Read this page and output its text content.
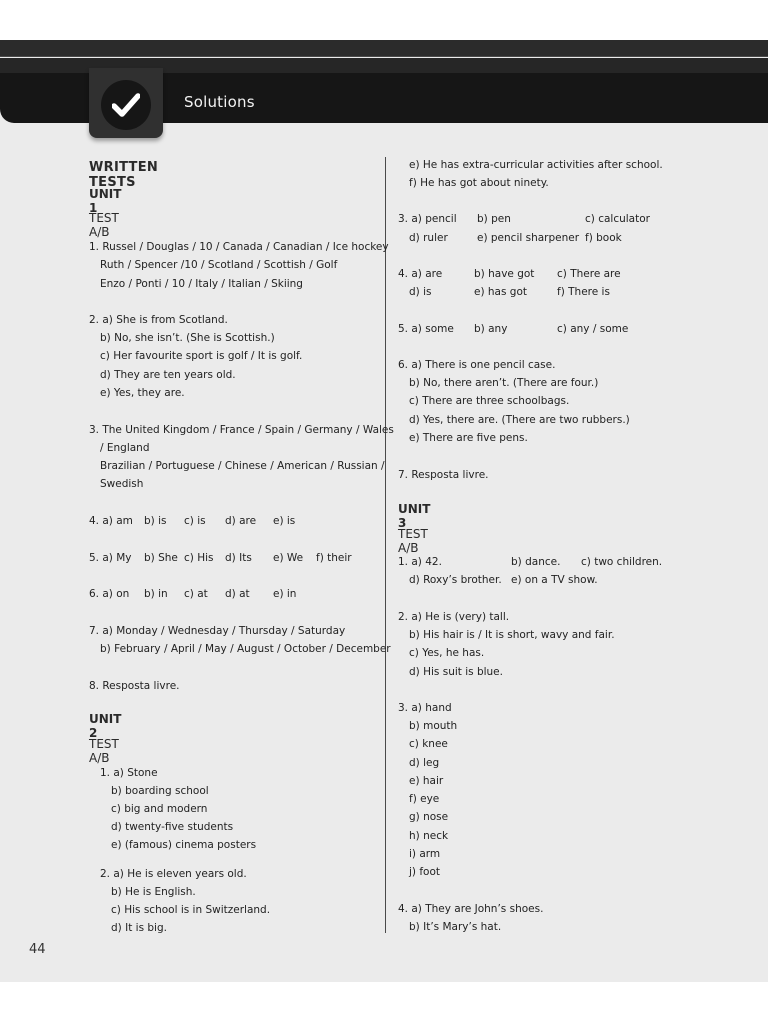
Solutions
WRITTEN TESTS
UNIT 1
TEST A/B
1. Russel / Douglas / 10 / Canada / Canadian / Ice hockey
Ruth / Spencer /10 / Scotland / Scottish / Golf
Enzo / Ponti / 10 / Italy / Italian / Skiing
2. a) She is from Scotland.
b) No, she isn’t. (She is Scottish.)
c) Her favourite sport is golf / It is golf.
d) They are ten years old.
e) Yes, they are.
3. The United Kingdom / France / Spain / Germany / Wales
/ England
Brazilian / Portuguese / Chinese / American / Russian /
Swedish
4. a) am b) is c) is d) are e) is
5. a) My b) She c) His d) Its e) We f) their
6. a) on b) in c) at d) at e) in
7. a) Monday / Wednesday / Thursday / Saturday
b) February / April / May / August / October / December
8. Resposta livre.
UNIT 2
TEST A/B
1. a) Stone
b) boarding school
c) big and modern
d) twenty-five students
e) (famous) cinema posters
2. a) He is eleven years old.
b) He is English.
c) His school is in Switzerland.
d) It is big.
e) He has extra-curricular activities after school.
f) He has got about ninety.
3. a) pencil b) pen	c) calculator
d) ruler	e) pencil sharpener f) book
4. a) are	b) have got c) There are
d) is	e) has got	f) There is
5. a) some b) any	c) any / some
6. a) There is one pencil case.
b) No, there aren’t. (There are four.)
c) There are three schoolbags.
d) Yes, there are. (There are two rubbers.)
e) There are five pens.
7. Resposta livre.
UNIT 3
TEST A/B
1. a) 42.	b) dance. c) two children.
d) Roxy’s brother. e) on a TV show.
2. a) He is (very) tall.
b) His hair is / It is short, wavy and fair.
c) Yes, he has.
d) His suit is blue.
3. a) hand
b) mouth
c) knee
d) leg
e) hair
f) eye
g) nose
h) neck
i) arm
j) foot
4. a) They are John’s shoes.
b) It’s Mary’s hat.
44
